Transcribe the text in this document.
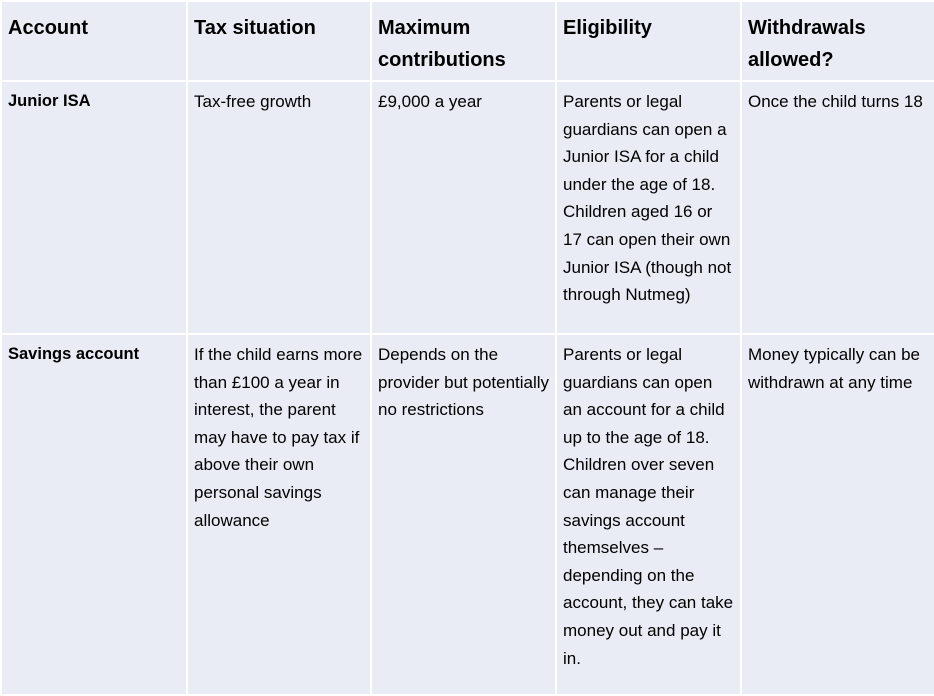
Account	Tax situation	Maximum contributions	Eligibility	Withdrawals allowed?
Junior ISA	Tax-free growth	£9,000 a year	Parents or legal guardians can open a Junior ISA for a child under the age of 18. Children aged 16 or 17 can open their own Junior ISA (though not through Nutmeg)	Once the child turns 18
Savings account	If the child earns more than £100 a year in interest, the parent may have to pay tax if above their own personal savings allowance	Depends on the provider but potentially no restrictions	Parents or legal guardians can open an account for a child up to the age of 18. Children over seven can manage their savings account themselves – depending on the account, they can take money out and pay it in.	Money typically can be withdrawn at any time
